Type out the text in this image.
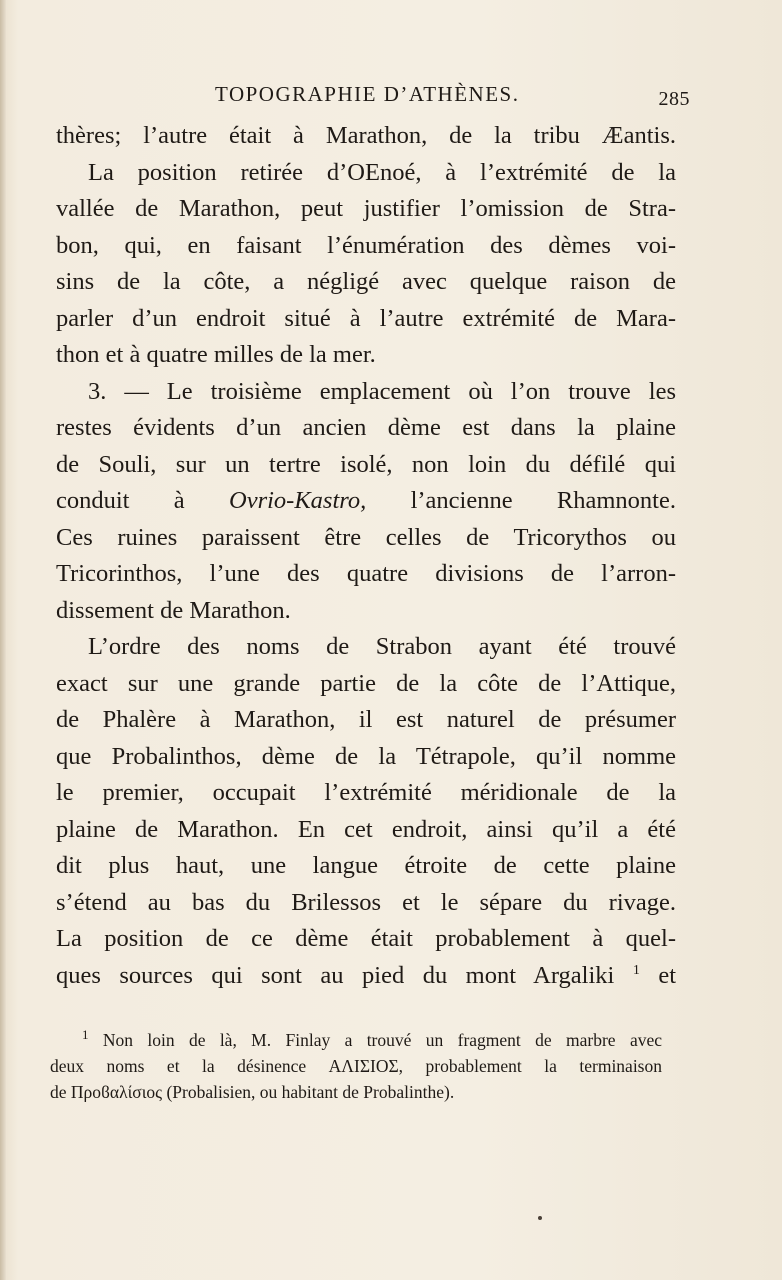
TOPOGRAPHIE D’ATHÈNES.	285
thères; l’autre était à Marathon, de la tribu Æantis.
La position retirée d’OEnoé, à l’extrémité de la
vallée de Marathon, peut justifier l’omission de Stra-
bon, qui, en faisant l’énumération des dèmes voi-
sins de la côte, a négligé avec quelque raison de
parler d’un endroit situé à l’autre extrémité de Mara-
thon et à quatre milles de la mer.
3. — Le troisième emplacement où l’on trouve les
restes évidents d’un ancien dème est dans la plaine
de Souli, sur un tertre isolé, non loin du défilé qui
conduit à Ovrio-Kastro, l’ancienne Rhamnonte.
Ces ruines paraissent être celles de Tricorythos ou
Tricorinthos, l’une des quatre divisions de l’arron-
dissement de Marathon.
L’ordre des noms de Strabon ayant été trouvé
exact sur une grande partie de la côte de l’Attique,
de Phalère à Marathon, il est naturel de présumer
que Probalinthos, dème de la Tétrapole, qu’il nomme
le premier, occupait l’extrémité méridionale de la
plaine de Marathon. En cet endroit, ainsi qu’il a été
dit plus haut, une langue étroite de cette plaine
s’étend au bas du Brilessos et le sépare du rivage.
La position de ce dème était probablement à quel-
ques sources qui sont au pied du mont Argaliki $^1$ et
$^1$ Non loin de là, M. Finlay a trouvé un fragment de marbre avec
deux noms et la désinence ΑΛΙΣΙΟΣ, probablement la terminaison
de Προϐαλίσιος (Probalisien, ou habitant de Probalinthe).
